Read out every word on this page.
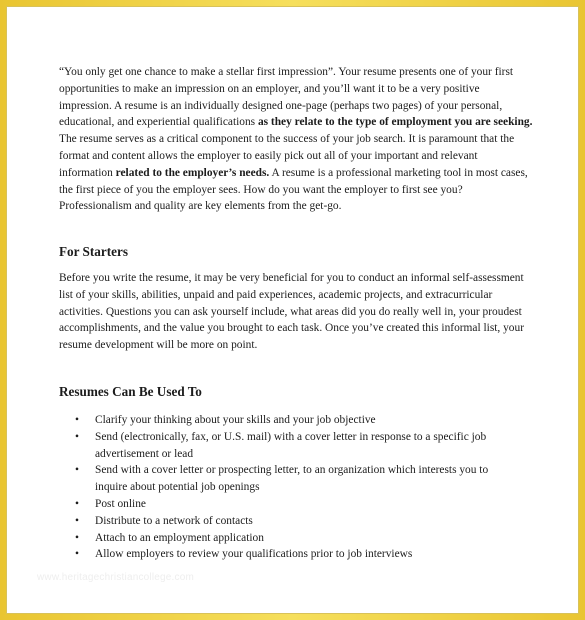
“You only get one chance to make a stellar first impression”. Your resume presents one of your first opportunities to make an impression on an employer, and you’ll want it to be a very positive impression. A resume is an individually designed one-page (perhaps two pages) of your personal, educational, and experiential qualifications as they relate to the type of employment you are seeking. The resume serves as a critical component to the success of your job search. It is paramount that the format and content allows the employer to easily pick out all of your important and relevant information related to the employer’s needs. A resume is a professional marketing tool in most cases, the first piece of you the employer sees. How do you want the employer to first see you? Professionalism and quality are key elements from the get-go.

For Starters

Before you write the resume, it may be very beneficial for you to conduct an informal self-assessment list of your skills, abilities, unpaid and paid experiences, academic projects, and extracurricular activities. Questions you can ask yourself include, what areas did you do really well in, your proudest accomplishments, and the value you brought to each task. Once you’ve created this informal list, your resume development will be more on point.

Resumes Can Be Used To
• Clarify your thinking about your skills and your job objective
• Send (electronically, fax, or U.S. mail) with a cover letter in response to a specific job advertisement or lead
• Send with a cover letter or prospecting letter, to an organization which interests you to inquire about potential job openings
• Post online
• Distribute to a network of contacts
• Attach to an employment application
• Allow employers to review your qualifications prior to job interviews
www.heritagechristiancollege.com
